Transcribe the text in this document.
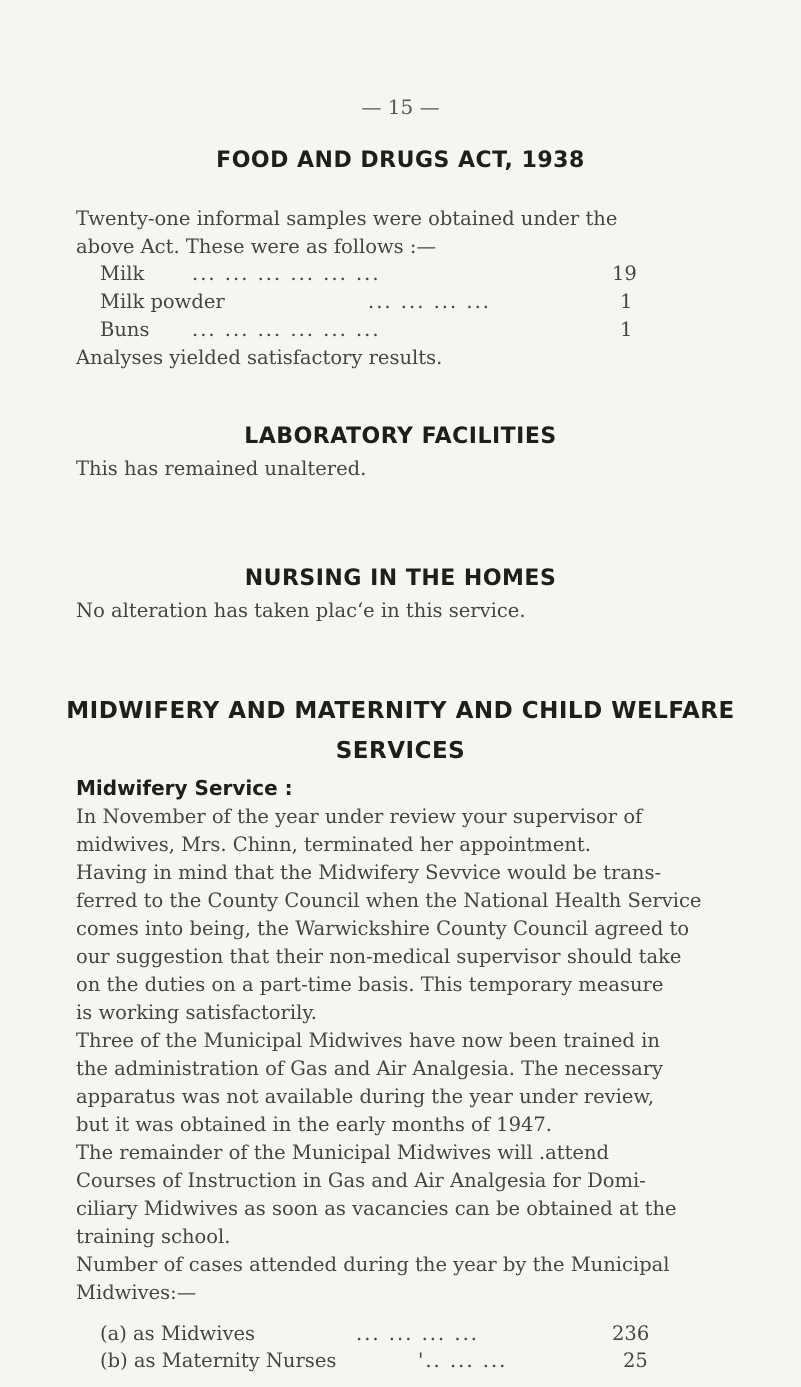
— 15 —
FOOD AND DRUGS ACT, 1938
Twenty-one informal samples were obtained under the
above Act. These were as follows :—
Milk ... ... ... ... ... ...	19
Milk powder	... ... ... ...	1
Buns ... ... ... ... ... ...	1
Analyses yielded satisfactory results.
LABORATORY FACILITIES
This has remained unaltered.
NURSING IN THE HOMES
No alteration has taken placʻe in this service.
MIDWIFERY AND MATERNITY AND CHILD WELFARE
SERVICES
Midwifery Service :
In November of the year under review your supervisor of
midwives, Mrs. Chinn, terminated her appointment.
Having in mind that the Midwifery Sevvice would be trans-
ferred to the County Council when the National Health Service
comes into being, the Warwickshire County Council agreed to
our suggestion that their non-medical supervisor should take
on the duties on a part-time basis. This temporary measure
is working satisfactorily.
Three of the Municipal Midwives have now been trained in
the administration of Gas and Air Analgesia. The necessary
apparatus was not available during the year under review,
but it was obtained in the early months of 1947.
The remainder of the Municipal Midwives will .attend
Courses of Instruction in Gas and Air Analgesia for Domi-
ciliary Midwives as soon as vacancies can be obtained at the
training school.
Number of cases attended during the year by the Municipal
Midwives:—
(a) as Midwives	... ... ... ...	236
(b) as Maternity Nurses	'.. ... ...	25
